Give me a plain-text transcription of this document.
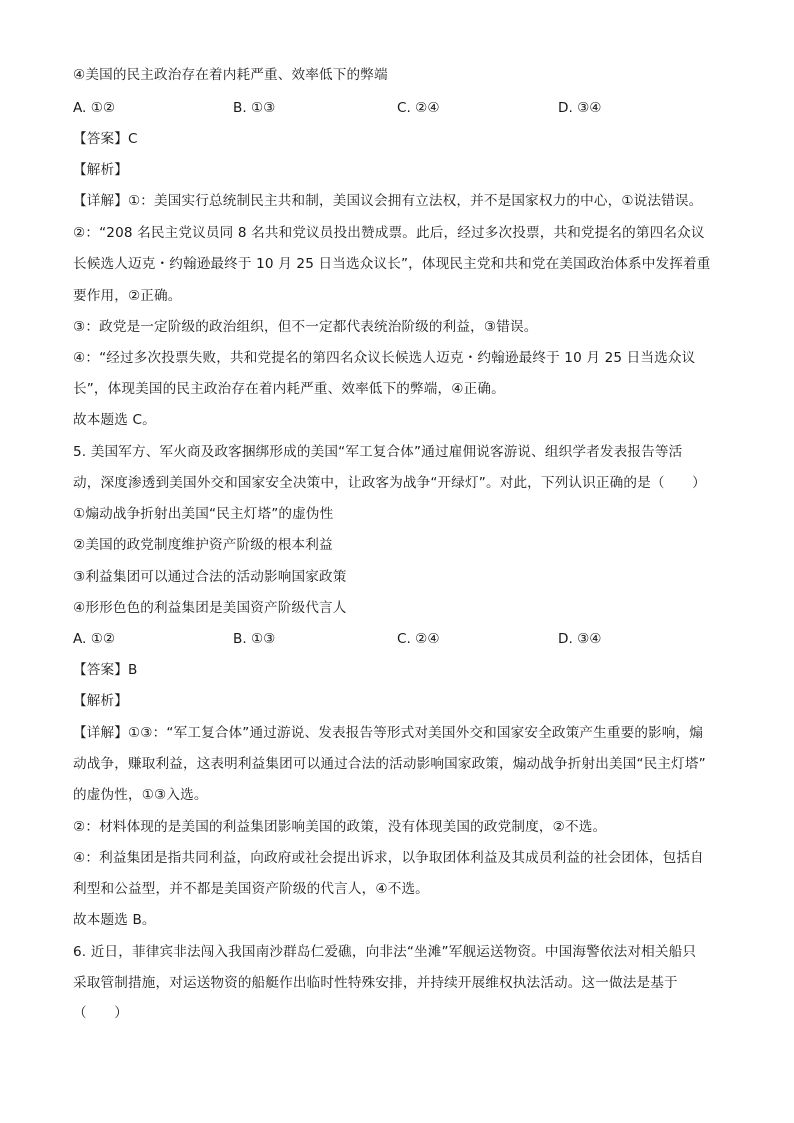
④美国的民主政治存在着内耗严重、效率低下的弊端
A. ①②	B. ①③	C. ②④	D. ③④
【答案】C
【解析】
【详解】①：美国实行总统制民主共和制，美国议会拥有立法权，并不是国家权力的中心，①说法错误。
②：“208 名民主党议员同 8 名共和党议员投出赞成票。此后，经过多次投票，共和党提名的第四名众议
长候选人迈克・约翰逊最终于 10 月 25 日当选众议长”，体现民主党和共和党在美国政治体系中发挥着重
要作用，②正确。
③：政党是一定阶级的政治组织，但不一定都代表统治阶级的利益，③错误。
④：“经过多次投票失败，共和党提名的第四名众议长候选人迈克・约翰逊最终于 10 月 25 日当选众议
长”，体现美国的民主政治存在着内耗严重、效率低下的弊端，④正确。
故本题选 C。
5. 美国军方、军火商及政客捆绑形成的美国“军工复合体”通过雇佣说客游说、组织学者发表报告等活
动，深度渗透到美国外交和国家安全决策中，让政客为战争“开绿灯”。对此，下列认识正确的是（　　）
①煽动战争折射出美国“民主灯塔”的虚伪性
②美国的政党制度维护资产阶级的根本利益
③利益集团可以通过合法的活动影响国家政策
④形形色色的利益集团是美国资产阶级代言人
A. ①②	B. ①③	C. ②④	D. ③④
【答案】B
【解析】
【详解】①③：“军工复合体”通过游说、发表报告等形式对美国外交和国家安全政策产生重要的影响，煽
动战争，赚取利益，这表明利益集团可以通过合法的活动影响国家政策，煽动战争折射出美国“民主灯塔”
的虚伪性，①③入选。
②：材料体现的是美国的利益集团影响美国的政策，没有体现美国的政党制度，②不选。
④：利益集团是指共同利益，向政府或社会提出诉求，以争取团体利益及其成员利益的社会团体，包括自
利型和公益型，并不都是美国资产阶级的代言人，④不选。
故本题选 B。
6. 近日，菲律宾非法闯入我国南沙群岛仁爱礁，向非法“坐滩”军舰运送物资。中国海警依法对相关船只
采取管制措施，对运送物资的船艇作出临时性特殊安排，并持续开展维权执法活动。这一做法是基于
（　　）
